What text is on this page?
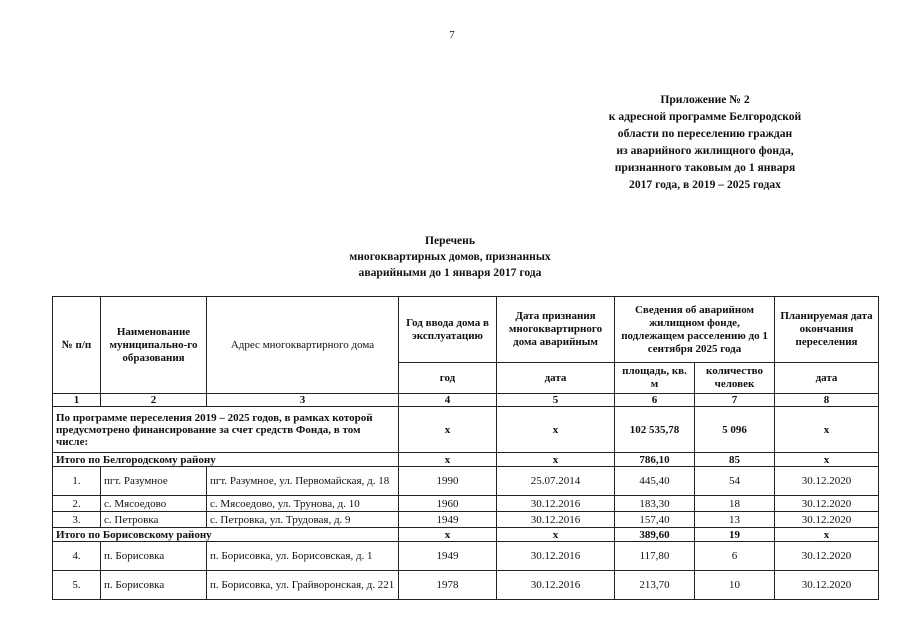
7
Приложение № 2
к адресной программе Белгородской
области по переселению граждан
из аварийного жилищного фонда,
признанного таковым до 1 января
2017 года, в 2019 – 2025 годах
Перечень
многоквартирных домов, признанных
аварийными до 1 января 2017 года
№ п/п	Наименование муниципально-го образования	Адрес многоквартирного дома	Год ввода дома в эксплуатацию	Дата признания многоквартирного дома аварийным	Сведения об аварийном жилищном фонде, подлежащем расселению до 1 сентября 2025 года		Планируемая дата окончания переселения
			год	дата	площадь, кв. м	количество человек	дата
1	2	3	4	5	6	7	8
По программе переселения 2019 – 2025 годов, в рамках которой предусмотрено финансирование за счет средств Фонда, в том числе:			x	x	102 535,78	5 096	x
Итого по Белгородскому району			x	x	786,10	85	x
1.	пгт. Разумное	пгт. Разумное, ул. Первомайская, д. 18	1990	25.07.2014	445,40	54	30.12.2020
2.	с. Мясоедово	с. Мясоедово, ул. Трунова, д. 10	1960	30.12.2016	183,30	18	30.12.2020
3.	с. Петровка	с. Петровка, ул. Трудовая, д. 9	1949	30.12.2016	157,40	13	30.12.2020
Итого по Борисовскому району			x	x	389,60	19	x
4.	п. Борисовка	п. Борисовка, ул. Борисовская, д. 1	1949	30.12.2016	117,80	6	30.12.2020
5.	п. Борисовка	п. Борисовка, ул. Грайворонская, д. 221	1978	30.12.2016	213,70	10	30.12.2020
